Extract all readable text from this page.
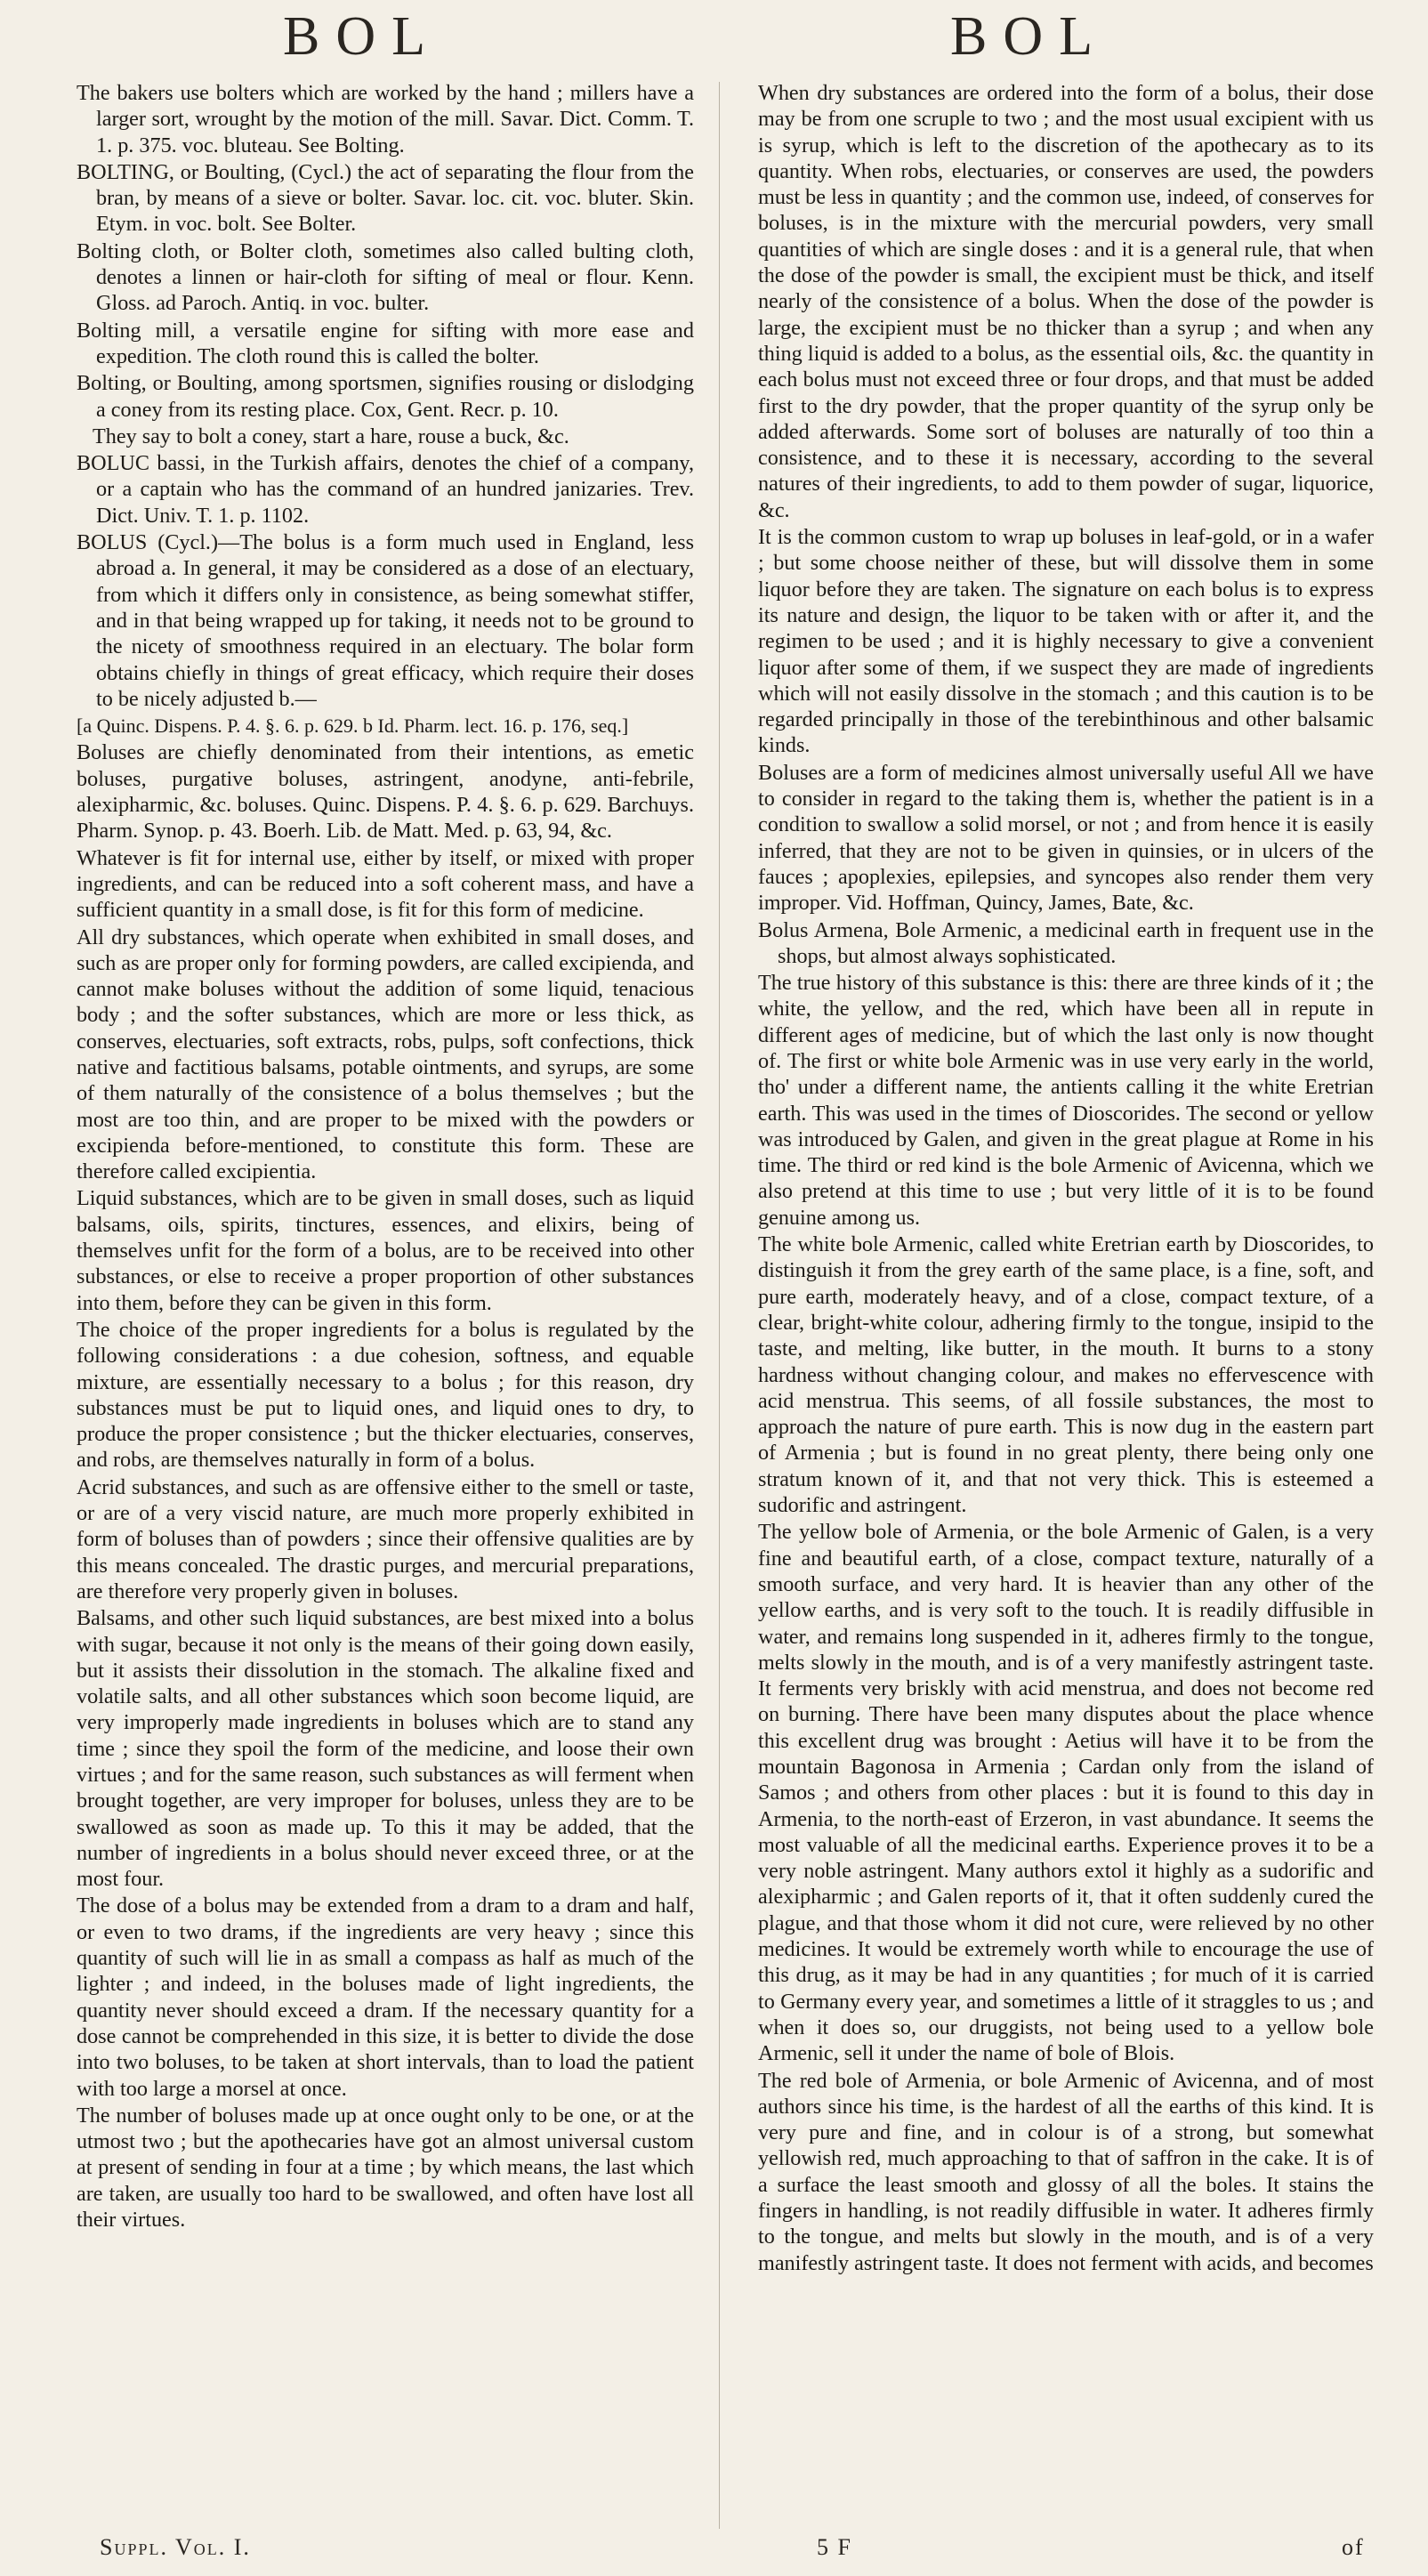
BOL	BOL

The bakers use bolters which are worked by the hand ; millers have a larger sort, wrought by the motion of the mill. Savar. Dict. Comm. T. 1. p. 375. voc. bluteau. See Bolting.

BOLTING, or Boulting, (Cycl.) the act of separating the flour from the bran, by means of a sieve or bolter. Savar. loc. cit. voc. bluter. Skin. Etym. in voc. bolt. See Bolter.

Bolting cloth, or Bolter cloth, sometimes also called bulting cloth, denotes a linnen or hair-cloth for sifting of meal or flour. Kenn. Gloss. ad Paroch. Antiq. in voc. bulter.

Bolting mill, a versatile engine for sifting with more ease and expedition. The cloth round this is called the bolter.

Bolting, or Boulting, among sportsmen, signifies rousing or dislodging a coney from its resting place. Cox, Gent. Recr. p. 10.

They say to bolt a coney, start a hare, rouse a buck, &c.

BOLUC bassi, in the Turkish affairs, denotes the chief of a company, or a captain who has the command of an hundred janizaries. Trev. Dict. Univ. T. 1. p. 1102.

BOLUS (Cycl.)—The bolus is a form much used in England, less abroad a. In general, it may be considered as a dose of an electuary, from which it differs only in consistence, as being somewhat stiffer, and in that being wrapped up for taking, it needs not to be ground to the nicety of smoothness required in an electuary. The bolar form obtains chiefly in things of great efficacy, which require their doses to be nicely adjusted b.—

[a Quinc. Dispens. P. 4. §. 6. p. 629. b Id. Pharm. lect. 16. p. 176, seq.]

Boluses are chiefly denominated from their intentions, as emetic boluses, purgative boluses, astringent, anodyne, anti-febrile, alexipharmic, &c. boluses. Quinc. Dispens. P. 4. §. 6. p. 629. Barchuys. Pharm. Synop. p. 43. Boerh. Lib. de Matt. Med. p. 63, 94, &c.

Whatever is fit for internal use, either by itself, or mixed with proper ingredients, and can be reduced into a soft coherent mass, and have a sufficient quantity in a small dose, is fit for this form of medicine.

All dry substances, which operate when exhibited in small doses, and such as are proper only for forming powders, are called excipienda, and cannot make boluses without the addition of some liquid, tenacious body ; and the softer substances, which are more or less thick, as conserves, electuaries, soft extracts, robs, pulps, soft confections, thick native and factitious balsams, potable ointments, and syrups, are some of them naturally of the consistence of a bolus themselves ; but the most are too thin, and are proper to be mixed with the powders or excipienda before-mentioned, to constitute this form. These are therefore called excipientia.

Liquid substances, which are to be given in small doses, such as liquid balsams, oils, spirits, tinctures, essences, and elixirs, being of themselves unfit for the form of a bolus, are to be received into other substances, or else to receive a proper proportion of other substances into them, before they can be given in this form.

The choice of the proper ingredients for a bolus is regulated by the following considerations : a due cohesion, softness, and equable mixture, are essentially necessary to a bolus ; for this reason, dry substances must be put to liquid ones, and liquid ones to dry, to produce the proper consistence ; but the thicker electuaries, conserves, and robs, are themselves naturally in form of a bolus.

Acrid substances, and such as are offensive either to the smell or taste, or are of a very viscid nature, are much more properly exhibited in form of boluses than of powders ; since their offensive qualities are by this means concealed. The drastic purges, and mercurial preparations, are therefore very properly given in boluses.

Balsams, and other such liquid substances, are best mixed into a bolus with sugar, because it not only is the means of their going down easily, but it assists their dissolution in the stomach. The alkaline fixed and volatile salts, and all other substances which soon become liquid, are very improperly made ingredients in boluses which are to stand any time ; since they spoil the form of the medicine, and loose their own virtues ; and for the same reason, such substances as will ferment when brought together, are very improper for boluses, unless they are to be swallowed as soon as made up. To this it may be added, that the number of ingredients in a bolus should never exceed three, or at the most four.

The dose of a bolus may be extended from a dram to a dram and half, or even to two drams, if the ingredients are very heavy ; since this quantity of such will lie in as small a compass as half as much of the lighter ; and indeed, in the boluses made of light ingredients, the quantity never should exceed a dram. If the necessary quantity for a dose cannot be comprehended in this size, it is better to divide the dose into two boluses, to be taken at short intervals, than to load the patient with too large a morsel at once.

The number of boluses made up at once ought only to be one, or at the utmost two ; but the apothecaries have got an almost universal custom at present of sending in four at a time ; by which means, the last which are taken, are usually too hard to be swallowed, and often have lost all their virtues.

When dry substances are ordered into the form of a bolus, their dose may be from one scruple to two ; and the most usual excipient with us is syrup, which is left to the discretion of the apothecary as to its quantity. When robs, electuaries, or conserves are used, the powders must be less in quantity ; and the common use, indeed, of conserves for boluses, is in the mixture with the mercurial powders, very small quantities of which are single doses : and it is a general rule, that when the dose of the powder is small, the excipient must be thick, and itself nearly of the consistence of a bolus. When the dose of the powder is large, the excipient must be no thicker than a syrup ; and when any thing liquid is added to a bolus, as the essential oils, &c. the quantity in each bolus must not exceed three or four drops, and that must be added first to the dry powder, that the proper quantity of the syrup only be added afterwards. Some sort of boluses are naturally of too thin a consistence, and to these it is necessary, according to the several natures of their ingredients, to add to them powder of sugar, liquorice, &c.

It is the common custom to wrap up boluses in leaf-gold, or in a wafer ; but some choose neither of these, but will dissolve them in some liquor before they are taken. The signature on each bolus is to express its nature and design, the liquor to be taken with or after it, and the regimen to be used ; and it is highly necessary to give a convenient liquor after some of them, if we suspect they are made of ingredients which will not easily dissolve in the stomach ; and this caution is to be regarded principally in those of the terebinthinous and other balsamic kinds.

Boluses are a form of medicines almost universally useful All we have to consider in regard to the taking them is, whether the patient is in a condition to swallow a solid morsel, or not ; and from hence it is easily inferred, that they are not to be given in quinsies, or in ulcers of the fauces ; apoplexies, epilepsies, and syncopes also render them very improper. Vid. Hoffman, Quincy, James, Bate, &c.

Bolus Armena, Bole Armenic, a medicinal earth in frequent use in the shops, but almost always sophisticated.

The true history of this substance is this: there are three kinds of it ; the white, the yellow, and the red, which have been all in repute in different ages of medicine, but of which the last only is now thought of. The first or white bole Armenic was in use very early in the world, tho' under a different name, the antients calling it the white Eretrian earth. This was used in the times of Dioscorides. The second or yellow was introduced by Galen, and given in the great plague at Rome in his time. The third or red kind is the bole Armenic of Avicenna, which we also pretend at this time to use ; but very little of it is to be found genuine among us.

The white bole Armenic, called white Eretrian earth by Dioscorides, to distinguish it from the grey earth of the same place, is a fine, soft, and pure earth, moderately heavy, and of a close, compact texture, of a clear, bright-white colour, adhering firmly to the tongue, insipid to the taste, and melting, like butter, in the mouth. It burns to a stony hardness without changing colour, and makes no effervescence with acid menstrua. This seems, of all fossile substances, the most to approach the nature of pure earth. This is now dug in the eastern part of Armenia ; but is found in no great plenty, there being only one stratum known of it, and that not very thick. This is esteemed a sudorific and astringent.

The yellow bole of Armenia, or the bole Armenic of Galen, is a very fine and beautiful earth, of a close, compact texture, naturally of a smooth surface, and very hard. It is heavier than any other of the yellow earths, and is very soft to the touch. It is readily diffusible in water, and remains long suspended in it, adheres firmly to the tongue, melts slowly in the mouth, and is of a very manifestly astringent taste. It ferments very briskly with acid menstrua, and does not become red on burning. There have been many disputes about the place whence this excellent drug was brought : Aetius will have it to be from the mountain Bagonosa in Armenia ; Cardan only from the island of Samos ; and others from other places : but it is found to this day in Armenia, to the north-east of Erzeron, in vast abundance. It seems the most valuable of all the medicinal earths. Experience proves it to be a very noble astringent. Many authors extol it highly as a sudorific and alexipharmic ; and Galen reports of it, that it often suddenly cured the plague, and that those whom it did not cure, were relieved by no other medicines. It would be extremely worth while to encourage the use of this drug, as it may be had in any quantities ; for much of it is carried to Germany every year, and sometimes a little of it straggles to us ; and when it does so, our druggists, not being used to a yellow bole Armenic, sell it under the name of bole of Blois.

The red bole of Armenia, or bole Armenic of Avicenna, and of most authors since his time, is the hardest of all the earths of this kind. It is very pure and fine, and in colour is of a strong, but somewhat yellowish red, much approaching to that of saffron in the cake. It is of a surface the least smooth and glossy of all the boles. It stains the fingers in handling, is not readily diffusible in water. It adheres firmly to the tongue, and melts but slowly in the mouth, and is of a very manifestly astringent taste. It does not ferment with acids, and becomes

Suppl. Vol. I.	5 F	of
